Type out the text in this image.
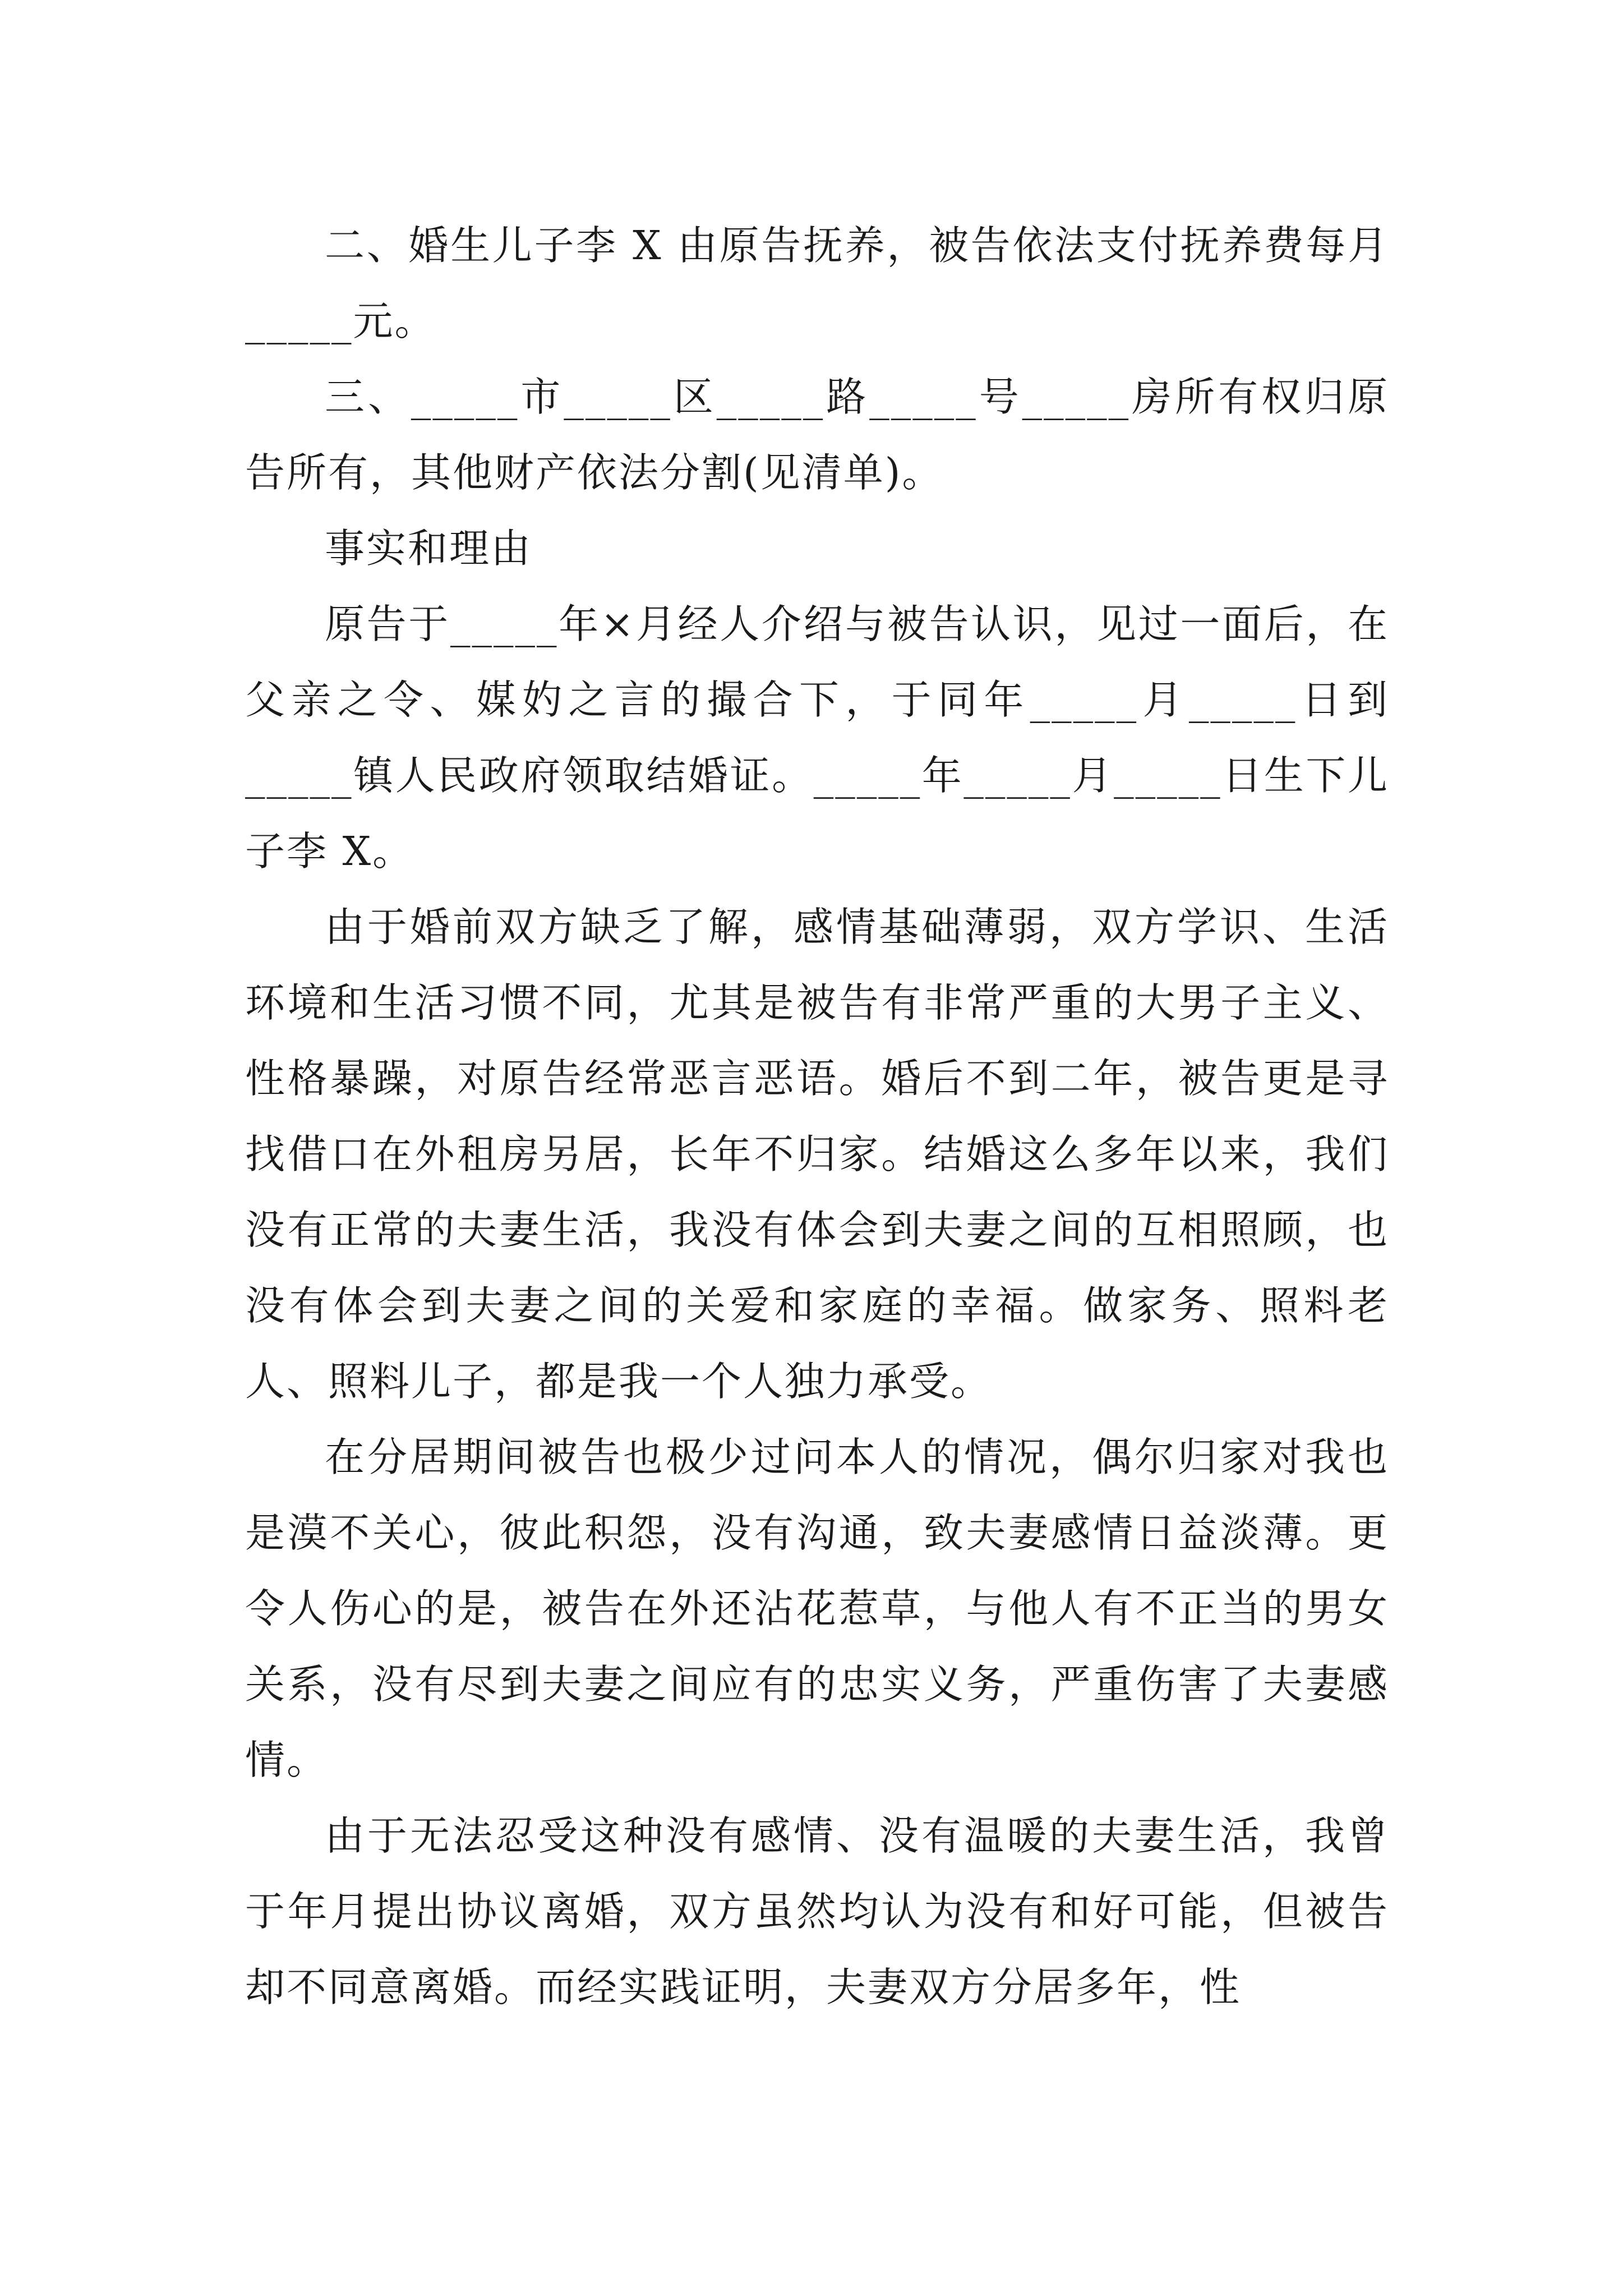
二、婚生儿子李 X 由原告抚养，被告依法支付抚养费每月_____元。

三、_____市_____区_____路_____号_____房所有权归原告所有，其他财产依法分割(见清单)。

事实和理由

原告于_____年×月经人介绍与被告认识，见过一面后，在父亲之令、媒妁之言的撮合下，于同年_____月_____日到_____镇人民政府领取结婚证。_____年_____月_____日生下儿子李 X。

由于婚前双方缺乏了解，感情基础薄弱，双方学识、生活环境和生活习惯不同，尤其是被告有非常严重的大男子主义、性格暴躁，对原告经常恶言恶语。婚后不到二年，被告更是寻找借口在外租房另居，长年不归家。结婚这么多年以来，我们没有正常的夫妻生活，我没有体会到夫妻之间的互相照顾，也没有体会到夫妻之间的关爱和家庭的幸福。做家务、照料老人、照料儿子，都是我一个人独力承受。

在分居期间被告也极少过问本人的情况，偶尔归家对我也是漠不关心，彼此积怨，没有沟通，致夫妻感情日益淡薄。更令人伤心的是，被告在外还沾花惹草，与他人有不正当的男女关系，没有尽到夫妻之间应有的忠实义务，严重伤害了夫妻感情。

由于无法忍受这种没有感情、没有温暖的夫妻生活，我曾于年月提出协议离婚，双方虽然均认为没有和好可能，但被告却不同意离婚。而经实践证明，夫妻双方分居多年，性
